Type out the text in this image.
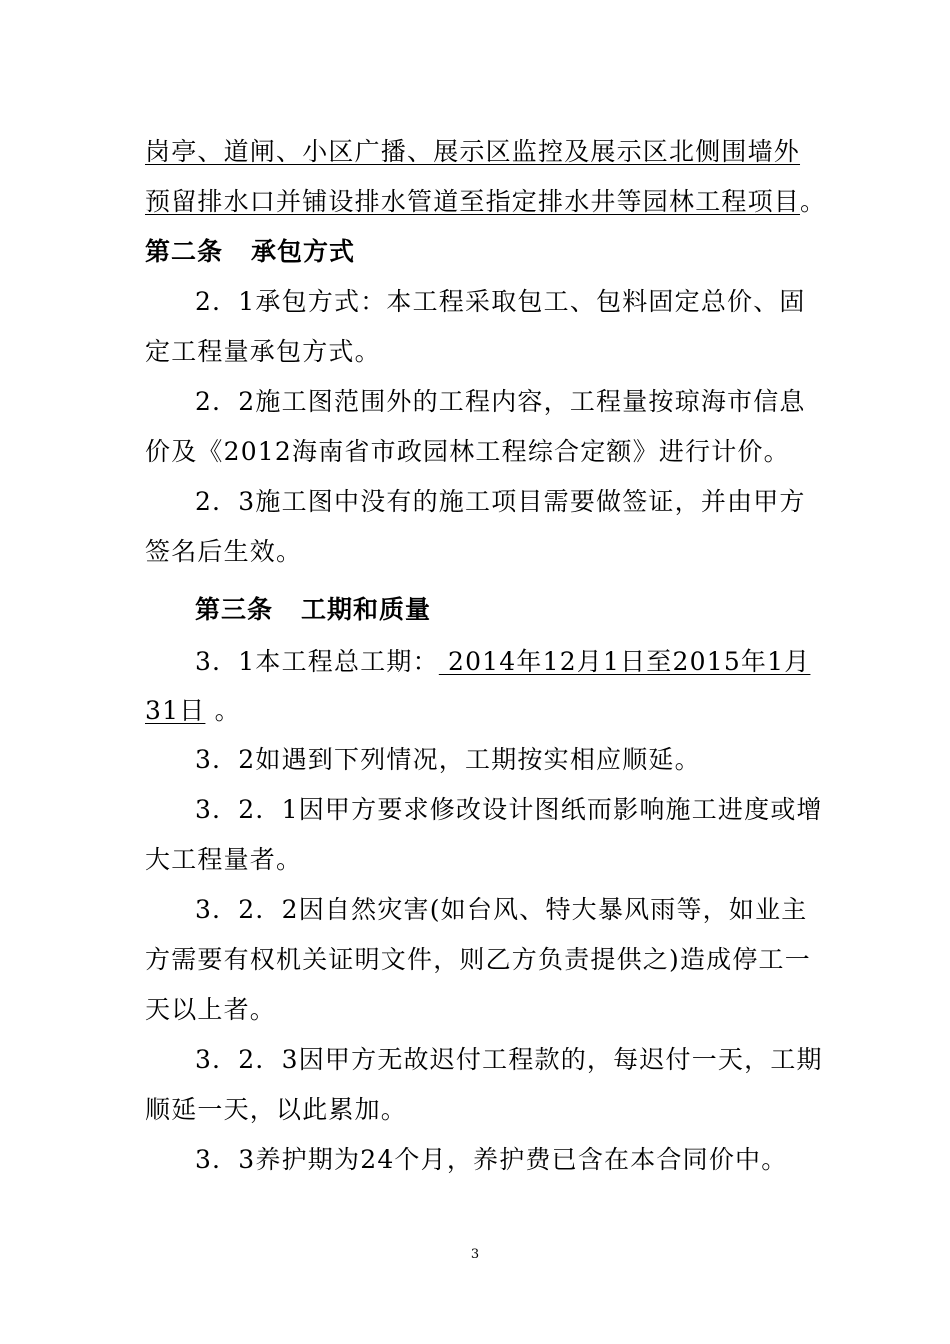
岗亭、道闸、小区广播、展示区监控及展示区北侧围墙外
预留排水口并铺设排水管道至指定排水井等园林工程项目。
第二条 承包方式
2．1承包方式：本工程采取包工、包料固定总价、固
定工程量承包方式。
2．2施工图范围外的工程内容，工程量按琼海市信息
价及《2012海南省市政园林工程综合定额》进行计价。
2．3施工图中没有的施工项目需要做签证，并由甲方
签名后生效。
第三条 工期和质量
3．1本工程总工期： 2014年12月1日至2015年1月
31日 。
3．2如遇到下列情况，工期按实相应顺延。
3．2．1因甲方要求修改设计图纸而影响施工进度或增
大工程量者。
3．2．2因自然灾害(如台风、特大暴风雨等，如业主
方需要有权机关证明文件，则乙方负责提供之)造成停工一
天以上者。
3．2．3因甲方无故迟付工程款的，每迟付一天，工期
顺延一天，以此累加。
3．3养护期为24个月，养护费已含在本合同价中。
3
